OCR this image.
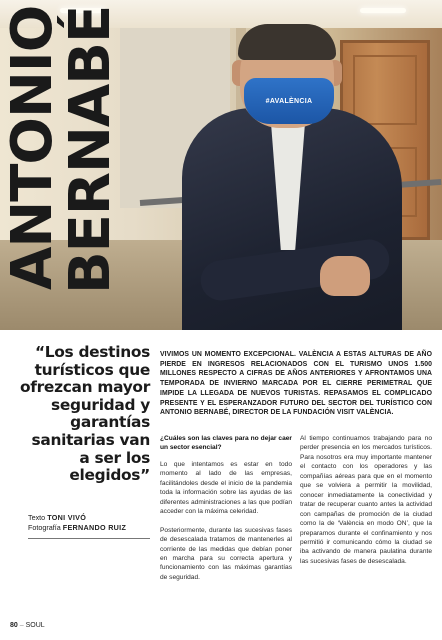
#AVALÈNCIA
ANTONIO
BERNABÉ
“Los destinos turísticos que ofrezcan mayor seguridad y garantías sanitarias van a ser los elegidos”
Texto TONI VIVÓ
Fotografía FERNANDO RUIZ
VIVIMOS UN MOMENTO EXCEPCIONAL. VALÈNCIA A ESTAS ALTURAS DE AÑO PIERDE EN INGRESOS RELACIONADOS CON EL TURISMO UNOS 1.500 MILLONES RESPECTO A CIFRAS DE AÑOS ANTERIORES Y AFRONTAMOS UNA TEMPORADA DE INVIERNO MARCADA POR EL CIERRE PERIMETRAL QUE IMPIDE LA LLEGADA DE NUEVOS TURISTAS. REPASAMOS EL COMPLICADO PRESENTE Y EL ESPERANZADOR FUTURO DEL SECTOR DEL TURÍSTICO CON ANTONIO BERNABÉ, DIRECTOR DE LA FUNDACIÓN VISIT VALÈNCIA.

¿Cuáles son las claves para no dejar caer un sector esencial?

Lo que intentamos es estar en todo momento al lado de las empresas, facilitándoles desde el inicio de la pandemia toda la información sobre las ayudas de las diferentes administraciones a las que podían acceder con la máxima celeridad.

Posteriormente, durante las sucesivas fases de desescalada tratamos de mantenerles al corriente de las medidas que debían poner en marcha para su correcta apertura y funcionamiento con las máximas garantías de seguridad.

Al tiempo continuamos trabajando para no perder presencia en los mercados turísticos. Para nosotros era muy importante mantener el contacto con los operadores y las compañías aéreas para que en el momento que se volviera a permitir la movilidad, conocer inmediatamente la conectividad y tratar de recuperar cuanto antes la actividad con campañas de promoción de la ciudad como la de ‘València en modo ON’, que la preparamos durante el confinamiento y nos permitió ir comunicando cómo la ciudad se iba activando de manera paulatina durante las sucesivas fases de desescalada.

80 – SOUL
